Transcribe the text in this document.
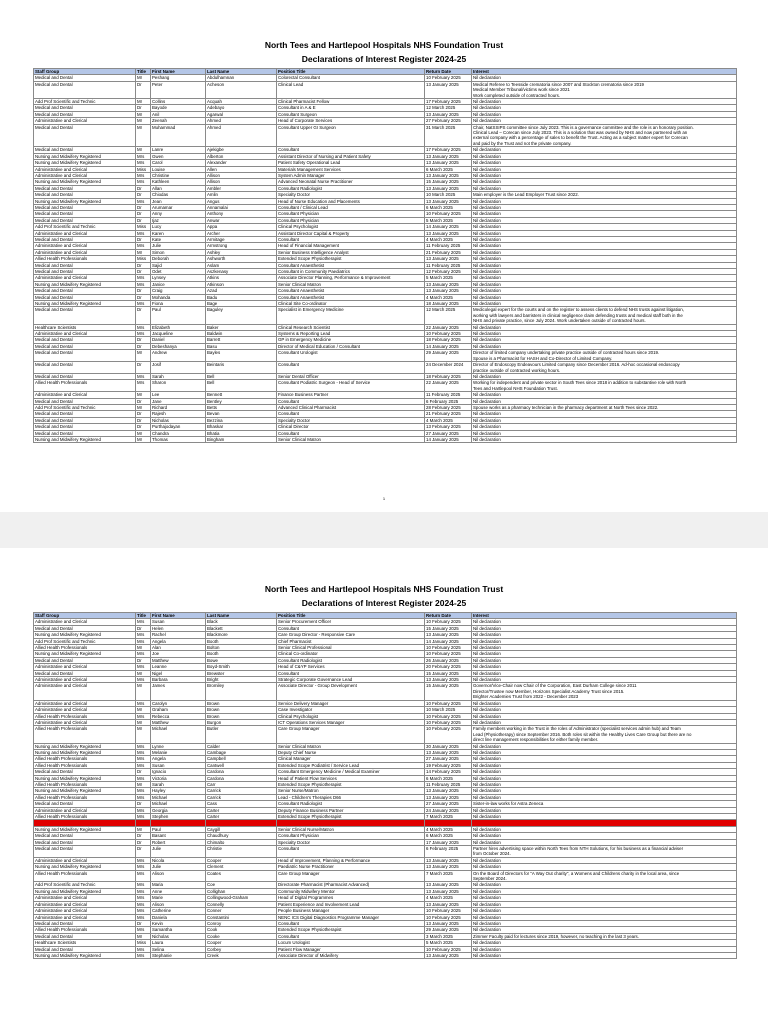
North Tees and Hartlepool Hospitals NHS Foundation Trust
Declarations of Interest Register 2024-25
Staff Group	Title	First Name	Last Name	Position Title	Return Date	Interest
Medical and Dental	Mr	Peshang	Abdulhamnan	Colorectal Consultant	10 February 2025	Nil declaration
Medical and Dental	Dr	Peter	Acheson	Clinical Lead	13 January 2025	Medical Referee to Teesside crematoria since 2007 and Stockton crematoria since 2019
Medical Member Tribunal/victims work since 2021
Work completed outside of contracted hours.
Add Prof Scientific and Technic	Mr	Collins	Acquah	Clinical Pharmacist Fellow	17 February 2025	Nil declaration
Medical and Dental	Dr	Bayode	Adebayo	Consultant in A & E	12 March 2025	Nil declaration
Medical and Dental	Mr	Anil	Agarwal	Consultant Surgeon	13 January 2025	Nil declaration
Administrative and Clerical	Mr	Zeenah	Ahmed	Head of Corporate Services	27 February 2025	Nil declaration
Medical and Dental	Mr	Muhammad	Ahmed	Consultant Upper GI Surgeon	31 March 2025	Chair, NatSSIPS committee since July 2023. This is a governance committee and the role is an honorary position.
Clinical Lead – Corecan since July 2023. This is a solution that was owned by NHS and now partnered with an
external company with a percentage of sales to benefit the Trust. Acting as a subject matter expert for Corecan
and paid by the Trust and not the private company.
Medical and Dental	Mr	Lanre	Ajekigbe	Consultant	17 February 2025	Nil declaration
Nursing and Midwifery Registered	Mrs	Gwen	Alberton	Assistant Director of Nursing and Patient Safety	13 January 2025	Nil declaration
Nursing and Midwifery Registered	Mrs	Carol	Alexander	Patient Safety Operational Lead	13 January 2025	Nil declaration
Administrative and Clerical	Miss	Louise	Allen	Materials Management Services	6 March 2025	Nil declaration
Administrative and Clerical	Mrs	Christine	Allison	System Admin Manager	13 January 2025	Nil declaration
Nursing and Midwifery Registered	Mrs	Kathleen	Allison	Advanced Neonatal Nurse Practitioner	15 January 2025	Nil declaration
Medical and Dental	Dr	Allan	Ambler	Consultant Radiologist	13 January 2025	Nil declaration
Medical and Dental	Dr	Chiodas	Amlin	Specialty Doctor	10 March 2025	Main employer is the Lead Employer Trust since 2022.
Nursing and Midwifery Registered	Mrs	Jean	Angus	Head of Nurse Education and Placements	13 January 2025	Nil declaration
Medical and Dental	Dr	Arumamar	Annamalai	Consultant / Clinical Lead	6 March 2025	Nil declaration
Medical and Dental	Dr	Anny	Anthony	Consultant Physician	10 February 2025	Nil declaration
Medical and Dental	Dr	Ijaz	Anwar	Consultant Physician	5 March 2025	Nil declaration
Add Prof Scientific and Technic	Miss	Lucy	Appa	Clinical Psychologist	14 January 2025	Nil declaration
Administrative and Clerical	Mrs	Karen	Archer	Assistant Director Capital & Property	13 January 2025	Nil declaration
Medical and Dental	Dr	Kate	Armitage	Consultant	4 March 2025	Nil declaration
Administrative and Clerical	Mrs	Julie	Armstrong	Head of Financial Management	11 February 2025	Nil declaration
Administrative and Clerical	Mr	Simon	Ashley	Senior Business Intelligence Analyst	21 February 2025	Nil declaration
Allied Health Professionals	Miss	Deborah	Ashworth	Extended Scope Physiotherapist	13 January 2025	Nil declaration
Medical and Dental	Dr	Sajid	Aslam	Consultant Anaesthetist	11 February 2025	Nil declaration
Medical and Dental	Dr	Odet	Aszkenasy	Consultant in Community Paediatrics	12 February 2025	Nil declaration
Administrative and Clerical	Mrs	Lynsey	Atkins	Associate Director Planning, Performance & Improvement	5 March 2025	Nil declaration
Nursing and Midwifery Registered	Mrs	Janice	Atkinson	Senior Clinical Matron	13 January 2025	Nil declaration
Medical and Dental	Dr	Craig	Azad	Consultant Anaesthetist	13 January 2025	Nil declaration
Medical and Dental	Dr	Mohanda	Badu	Consultant Anaesthetist	4 March 2025	Nil declaration
Nursing and Midwifery Registered	Mrs	Fiona	Bage	Clinical Site Co-ordinator	18 January 2025	Nil declaration
Medical and Dental	Dr	Paul	Baguley	Specialist in Emergency Medicine	12 March 2025	Medicolegal expert for the courts and on the register to assess clients to defend NHS trusts against litigation,
working with lawyers and barristers in clinical negligence claim defending trusts and medical staff both in the
NHS and private practice, since July 2024. Work undertaken outside of contracted hours.
Healthcare Scientists	Mrs	Elizabeth	Baker	Clinical Research Scientist	22 January 2025	Nil declaration
Administrative and Clerical	Mrs	Jacqueline	Baldwin	Systems & Reporting Lead	10 February 2025	Nil declaration
Medical and Dental	Dr	Daniel	Barrett	GP in Emergency Medicine	18 February 2025	Nil declaration
Medical and Dental	Dr	Debeshanya	Basu	Director of Medical Education / Consultant	14 January 2025	Nil declaration
Medical and Dental	Mr	Andrew	Bayles	Consultant Urologist	29 January 2025	Director of limited company undertaking private practice outside of contracted hours since 2019.
Spouse is a Pharmacist for HASH and Co-Director of Limited Company.
Medical and Dental	Dr	Josif	Beintaris	Consultant	24 December 2024	Director of Endoscopy Endeavours Limited company since December 2016. Ad-hoc occasional endoscopy
practice outside of contracted working hours.
Medical and Dental	Mrs	Sarah	Bell	Senior Dental Officer	18 February 2025	Nil declaration
Allied Health Professionals	Mrs	Sharon	Bell	Consultant Podiatric Surgeon - Head of Service	22 January 2025	Working for independent and private sector in South Tees since 2018 in addition to substantive role with North
Tees and Hartlepool NHS Foundation Trust.
Administrative and Clerical	Mr	Lee	Bennett	Finance Business Partner	11 February 2025	Nil declaration
Medical and Dental	Dr	Jane	Bentley	Consultant	6 February 2025	Nil declaration
Add Prof Scientific and Technic	Mr	Richard	Betts	Advanced Clinical Pharmacist	28 February 2025	Spouse works as a pharmacy technician in the pharmacy department at North Tees since 2022.
Medical and Dental	Dr	Rajesh	Bevan	Consultant	21 February 2025	Nil declaration
Medical and Dental	Dr	Nicholas	Bezzina	Specialty Doctor	4 March 2025	Nil declaration
Medical and Dental	Dr	Purthajodayan	Bhaskar	Clinical Director	13 February 2025	Nil declaration
Medical and Dental	Mr	Chandra	Bhatia	Consultant	27 January 2025	Nil declaration
Nursing and Midwifery Registered	Mr	Thomas	Bingham	Senior Clinical Matron	14 January 2025	Nil declaration
1
North Tees and Hartlepool Hospitals NHS Foundation Trust
Declarations of Interest Register 2024-25
Staff Group	Title	First Name	Last Name	Position Title	Return Date	Interest
Administrative and Clerical	Mrs	Susan	Black	Senior Procurement Officer	10 February 2025	Nil declaration
Medical and Dental	Dr	Helen	Blackett	Consultant	15 January 2025	Nil declaration
Nursing and Midwifery Registered	Mrs	Rachel	Blackmore	Care Group Director - Responsive Care	13 January 2025	Nil declaration
Add Prof Scientific and Technic	Mrs	Angela	Booth	Chief Pharmacist	14 January 2025	Nil declaration
Allied Health Professionals	Mr	Alan	Bolton	Senior Clinical Professional	10 February 2025	Nil declaration
Nursing and Midwifery Registered	Mrs	Joe	Booth	Clinical Co-ordinator	10 February 2025	Nil declaration
Medical and Dental	Dr	Matthew	Bowe	Consultant Radiologist	26 January 2025	Nil declaration
Administrative and Clerical	Mrs	Leanne	Boyd-Smith	Head of C&YP Services	20 February 2025	Nil declaration
Medical and Dental	Mr	Nigel	Brewster	Consultant	15 January 2025	Nil declaration
Administrative and Clerical	Mrs	Barbara	Bright	Strategic Corporate Governance Lead	13 January 2025	Nil declaration
Administrative and Clerical	Mr	James	Bromiley	Associate Director - Group Development	15 January 2025	Governor/Vice-Chair now Chair of the Corporation, East Durham College since 2011
Director/Trustee now Member, Horizons Specialist Academy Trust since 2015.
Brighter Academies Trust from 2022 - December 2023
Administrative and Clerical	Mrs	Carolyn	Brown	Service Delivery Manager	10 February 2025	Nil declaration
Administrative and Clerical	Mr	Graham	Brown	Case Investigator	10 March 2025	Nil declaration
Allied Health Professionals	Mrs	Rebecca	Brown	Clinical Psychologist	10 February 2025	Nil declaration
Administrative and Clerical	Mr	Matthew	Burgon	ICT Operations Services Manager	10 February 2025	Nil declaration
Allied Health Professionals	Mr	Michael	Butler	Care Group Manager	10 February 2025	Family members working in the Trust in the roles of Administrator (specialist services admin hub) and Team
Lead (Physiotherapy) since September 2016. Both roles sit within the Healthy Lives Care Group but there are no
direct line management responsibilities for either family member.
Nursing and Midwifery Registered	Mrs	Lynne	Calder	Senior Clinical Matron	30 January 2025	Nil declaration
Nursing and Midwifery Registered	Mrs	Melanie	Cambage	Deputy Chief Nurse	13 January 2025	Nil declaration
Allied Health Professionals	Mrs	Angela	Campbell	Clinical Manager	27 January 2025	Nil declaration
Allied Health Professionals	Mrs	Susan	Cantwell	Extended Scope Podiatrist / Service Lead	19 February 2025	Nil declaration
Medical and Dental	Dr	Ignacio	Cardona	Consultant Emergency Medicine / Medical Examiner	14 February 2025	Nil declaration
Nursing and Midwifery Registered	Mrs	Victoria	Cardona	Head of Patient Flow Services	6 March 2025	Nil declaration
Allied Health Professionals	Mr	Sarah	Carr	Extended Scope Physiotherapist	11 February 2025	Nil declaration
Nursing and Midwifery Registered	Mrs	Hayley	Carrick	Senior Nurse/Matron	13 January 2025	Nil declaration
Allied Health Professionals	Mrs	Michael	Carrick	Lead - Children's Therapies D66	13 January 2025	Nil declaration
Medical and Dental	Dr	Michael	Cass	Consultant Radiologist	27 January 2025	Sister-in-law works for Astra Zeneca
Administrative and Clerical	Mrs	Georgia	Carter	Deputy Finance Business Partner	24 January 2025	Nil declaration
Allied Health Professionals	Mrs	Stephen	Carter	Extended Scope Physiotherapist	7 March 2025	Nil declaration
Medical and Dental	Dr	Stephen	Carter	Consultant	5 March 2025	redacted
Nursing and Midwifery Registered	Mr	Paul	Caygill	Senior Clinical Nurse/Matron	4 March 2025	Nil declaration
Medical and Dental	Dr	Basant	Chaudhury	Consultant Physician	6 March 2025	Nil declaration
Medical and Dental	Dr	Robert	Chimalto	Specialty Doctor	17 January 2025	Nil declaration
Medical and Dental	Dr	Julie	Christie	Consultant	6 February 2025	Partner hires advertising space within North Tees from NTH Solutions, for his business as a financial adviser
from October 2024.
Administrative and Clerical	Mrs	Nicola	Cooper	Head of Improvement, Planning & Performance	13 January 2025	Nil declaration
Nursing and Midwifery Registered	Mrs	Julie	Clement	Paediatric Nurse Practitioner	13 January 2025	Nil declaration
Allied Health Professionals	Mrs	Alison	Coates	Care Group Manager	7 March 2025	On the Board of Directors for "A Way Out charity", a Womens and Childrens charity in the local area, since
September 2024.
Add Prof Scientific and Technic	Mrs	Maria	Coe	Directorate Pharmacist (Pharmacist Advanced)	13 January 2025	Nil declaration
Nursing and Midwifery Registered	Mrs	Anne	Collighan	Community Midwifery Mentor	13 January 2025	Nil declaration
Administrative and Clerical	Mrs	Marie	Collingwood-Graham	Head of Digital Programmes	4 March 2025	Nil declaration
Administrative and Clerical	Mrs	Alison	Connelly	Patient Experience and Involvement Lead	13 January 2025	Nil declaration
Administrative and Clerical	Mrs	Catherine	Conner	People Business Manager	10 February 2025	Nil declaration
Administrative and Clerical	Mrs	Daniela	Constantini	NENC ICS Digital Diagnostics Programme Manager	10 February 2025	Nil declaration
Medical and Dental	Dr	Kevin	Conroy	Consultant	13 January 2025	Nil declaration
Allied Health Professionals	Mrs	Samantha	Cook	Extended Scope Physiotherapist	29 January 2025	Nil declaration
Medical and Dental	Mr	Nicholas	Cooke	Consultant	3 March 2025	Zimmer Faculty paid for lectures since 2019, however, no teaching in the last 3 years.
Healthcare Scientists	Miss	Laura	Cooper	Locum Urologist	5 March 2025	Nil declaration
Medical and Dental	Mrs	Selina	Corbey	Patient Flow Manager	10 February 2025	Nil declaration
Nursing and Midwifery Registered	Mrs	Stephanie	Creek	Associate Director of Midwifery	13 January 2025	Nil declaration
